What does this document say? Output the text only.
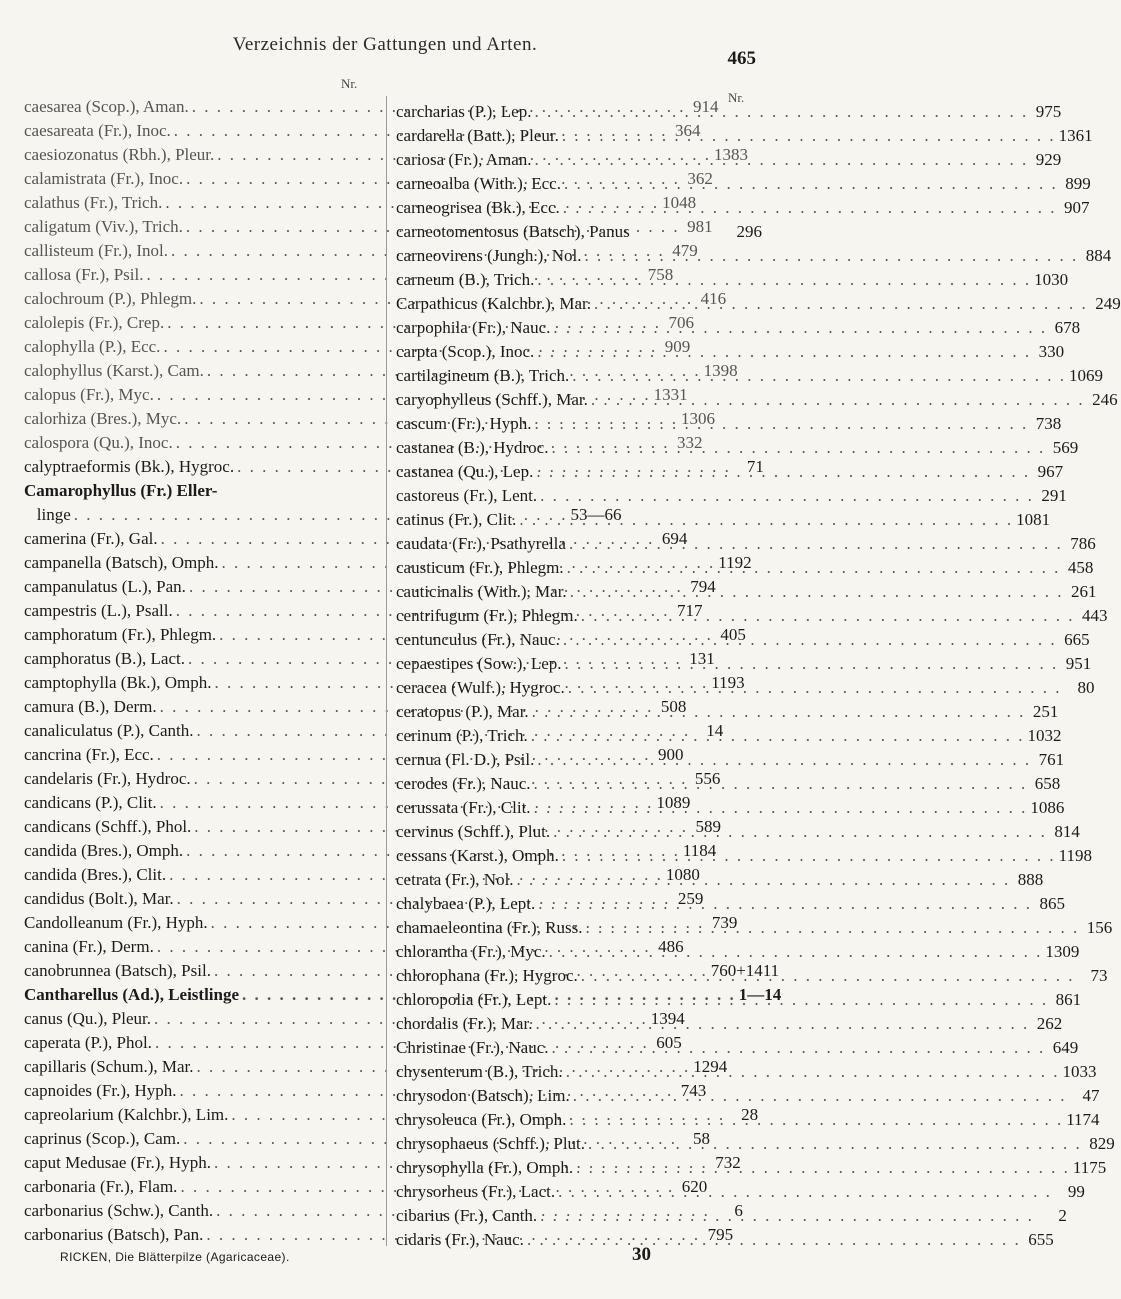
Verzeichnis der Gattungen und Arten.
465
Nr.
Nr.
caesarea (Scop.), Aman. . . .	914
caesareata (Fr.), Inoc. . . .	364
caesiozonatus (Rbh.), Pleur. . . .	1383
calamistrata (Fr.), Inoc. . . .	362
calathus (Fr.), Trich. . . .	1048
caligatum (Viv.), Trich. . . .	981
callisteum (Fr.), Inol. . . .	479
callosa (Fr.), Psil. . . .	758
calochroum (P.), Phlegm. . . .	416
calolepis (Fr.), Crep. . . .	706
calophylla (P.), Ecc. . . .	909
calophyllus (Karst.), Cam. . . .	1398
calopus (Fr.), Myc. . . .	1331
calorhiza (Bres.), Myc. . . .	1306
calospora (Qu.), Inoc. . . .	332
calyptraeformis (Bk.), Hygroc. . . .	71
Camarophyllus (Fr.) Eller-
linge . . .	53—66
camerina (Fr.), Gal. . . .	694
campanella (Batsch), Omph. . . .	1192
campanulatus (L.), Pan. . . .	794
campestris (L.), Psall. . . .	717
camphoratum (Fr.), Phlegm. . . .	405
camphoratus (B.), Lact. . . .	131
camptophylla (Bk.), Omph. . . .	1193
camura (B.), Derm. . . .	508
canaliculatus (P.), Canth. . . .	14
cancrina (Fr.), Ecc. . . .	900
candelaris (Fr.), Hydroc. . . .	556
candicans (P.), Clit. . . .	1089
candicans (Schff.), Phol. . . .	589
candida (Bres.), Omph. . . .	1184
candida (Bres.), Clit. . . .	1080
candidus (Bolt.), Mar. . . .	259
Candolleanum (Fr.), Hyph. . . .	739
canina (Fr.), Derm. . . .	486
canobrunnea (Batsch), Psil. . . .	760+1411
Cantharellus (Ad.), Leistlinge . . .	1—14
canus (Qu.), Pleur. . . .	1394
caperata (P.), Phol. . . .	605
capillaris (Schum.), Mar. . . .	1294
capnoides (Fr.), Hyph. . . .	743
capreolarium (Kalchbr.), Lim. . . .	28
caprinus (Scop.), Cam. . . .	58
caput Medusae (Fr.), Hyph. . . .	732
carbonaria (Fr.), Flam. . . .	620
carbonarius (Schw.), Canth. . . .	6
carbonarius (Batsch), Pan. . . .	795
carcharias (P.), Lep. . . .	975
cardarella (Batt.), Pleur. . . .	1361
cariosa (Fr.), Aman. . . .	929
carneoalba (With.), Ecc. . . .	899
carneogrisea (Bk.), Ecc. . . .	907
carneotomentosus (Batsch), Panus	296
carneovirens (Jungh.), Nol. . . .	884
carneum (B.), Trich. . . .	1030
Carpathicus (Kalchbr.), Mar. . . .	249
carpophila (Fr.), Nauc. . . .	678
carpta (Scop.), Inoc. . . .	330
cartilagineum (B.), Trich. . . .	1069
caryophylleus (Schff.), Mar. . . .	246
cascum (Fr.), Hyph. . . .	738
castanea (B.), Hydroc. . . .	569
castanea (Qu.), Lep. . . .	967
castoreus (Fr.), Lent. . . .	291
catinus (Fr.), Clit. . . .	1081
caudata (Fr.), Psathyrella . . .	786
causticum (Fr.), Phlegm. . . .	458
cauticinalis (With.), Mar. . . .	261
centrifugum (Fr.), Phlegm. . . .	443
centunculus (Fr.), Nauc. . . .	665
cepaestipes (Sow.), Lep. . . .	951
ceracea (Wulf.), Hygroc. . . .	80
ceratopus (P.), Mar. . . .	251
cerinum (P.), Trich. . . .	1032
cernua (Fl. D.), Psil. . . .	761
cerodes (Fr.), Nauc. . . .	658
cerussata (Fr.), Clit. . . .	1086
cervinus (Schff.), Plut. . . .	814
cessans (Karst.), Omph. . . .	1198
cetrata (Fr.), Nol. . . .	888
chalybaea (P.), Lept. . . .	865
chamaeleontina (Fr.), Russ. . . .	156
chlorantha (Fr.), Myc. . . .	1309
chlorophana (Fr.), Hygroc. . . .	73
chloropolia (Fr.), Lept. . . .	861
chordalis (Fr.), Mar. . . .	262
Christinae (Fr.), Nauc. . . .	649
chysenterum (B.), Trich. . . .	1033
chrysodon (Batsch), Lim. . . .	47
chrysoleuca (Fr.), Omph. . . .	1174
chrysophaeus (Schff.), Plut. . . .	829
chrysophylla (Fr.), Omph. . . .	1175
chrysorheus (Fr.), Lact. . . .	99
cibarius (Fr.), Canth. . . .	2
cidaris (Fr.), Nauc. . . .	655
RICKEN, Die Blätterpilze (Agaricaceae).	30
